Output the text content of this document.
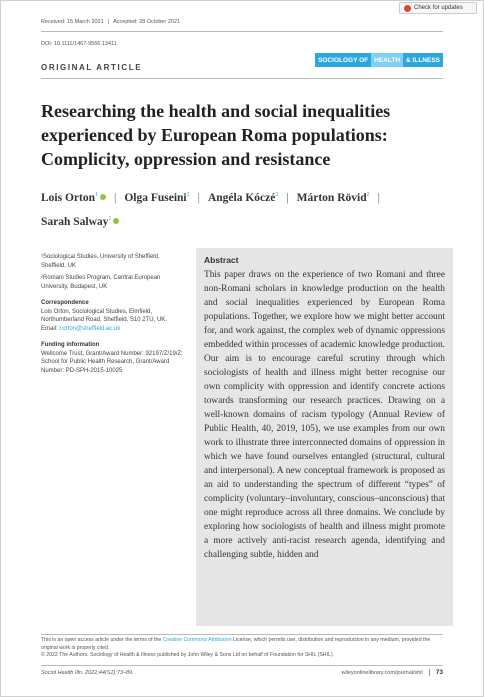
Check for updates
Received: 15 March 2021 | Accepted: 28 October 2021
DOI: 10.1111/1467-9566.13411
ORIGINAL ARTICLE
SOCIOLOGY OF HEALTH & ILLNESS
Researching the health and social inequalities experienced by European Roma populations: Complicity, oppression and resistance
Lois Orton$^1$ | Olga Fuseini$^2$ | Angéla Kóczé$^2$ | Márton Rövid$^2$ |
Sarah Salway$^1$
¹Sociological Studies, University of Sheffield, Sheffield, UK
²Romani Studies Program, Central European University, Budapest, UK
Correspondence
Lois Orton, Sociological Studies, Elmfield, Northumberland Road, Sheffield, S10 2TU, UK.
Email: l.orton@sheffield.ac.uk
Funding information
Wellcome Trust, Grant/Award Number: 92197/Z/19/Z; School for Public Health Research, Grant/Award Number: PD-SPH-2015-10025
Abstract
This paper draws on the experience of two Romani and three non-Romani scholars in knowledge production on the health and social inequalities experienced by European Roma populations. Together, we explore how we might better account for, and work against, the complex web of dynamic oppressions embedded within processes of academic knowledge production. Our aim is to encourage careful scrutiny through which sociologists of health and illness might better recognise our own complicity with oppression and identify concrete actions towards transforming our research practices. Drawing on a well-known domains of racism typology (Annual Review of Public Health, 40, 2019, 105), we use examples from our own work to illustrate three interconnected domains of oppression in which we have found ourselves entangled (structural, cultural and interpersonal). A new conceptual framework is proposed as an aid to understanding the spectrum of different “types” of complicity (voluntary–involuntary, conscious–unconscious) that one might reproduce across all three domains. We conclude by exploring how sociologists of health and illness might promote a more actively anti-racist research agenda, identifying and challenging subtle, hidden and
This is an open access article under the terms of the Creative Commons Attribution License, which permits use, distribution and reproduction in any medium, provided the original work is properly cited.
© 2022 The Authors. Sociology of Health & Illness published by John Wiley & Sons Ltd on behalf of Foundation for SHIL (SHIL).
Sociol Health Illn. 2022;44(S1):73–89.	wileyonlinelibrary.com/journal/shil	73
